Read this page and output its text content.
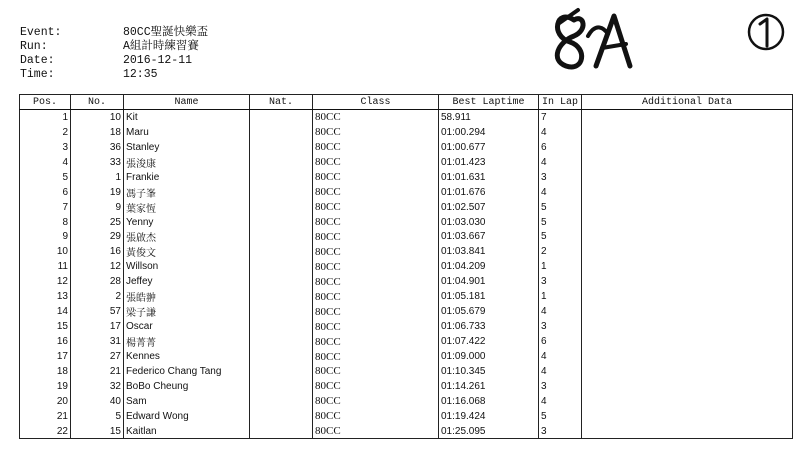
Event:	80CC聖誕快樂盃
Run:	A組計時練習賽
Date:	2016-12-11
Time:	12:35
Pos.	No.	Name	Nat.	Class	Best Laptime	In Lap	Additional Data
1	10	Kit		80CC	58.911	7	
2	18	Maru		80CC	01:00.294	4	
3	36	Stanley		80CC	01:00.677	6	
4	33	張浚康		80CC	01:01.423	4	
5	1	Frankie		80CC	01:01.631	3	
6	19	馮子峯		80CC	01:01.676	4	
7	9	葉家恆		80CC	01:02.507	5	
8	25	Yenny		80CC	01:03.030	5	
9	29	張啟杰		80CC	01:03.667	5	
10	16	黃俊文		80CC	01:03.841	2	
11	12	Willson		80CC	01:04.209	1	
12	28	Jeffey		80CC	01:04.901	3	
13	2	張皓翀		80CC	01:05.181	1	
14	57	梁子謙		80CC	01:05.679	4	
15	17	Oscar		80CC	01:06.733	3	
16	31	楊菁菁		80CC	01:07.422	6	
17	27	Kennes		80CC	01:09.000	4	
18	21	Federico Chang Tang		80CC	01:10.345	4	
19	32	BoBo Cheung		80CC	01:14.261	3	
20	40	Sam		80CC	01:16.068	4	
21	5	Edward Wong		80CC	01:19.424	5	
22	15	Kaitlan		80CC	01:25.095	3	
